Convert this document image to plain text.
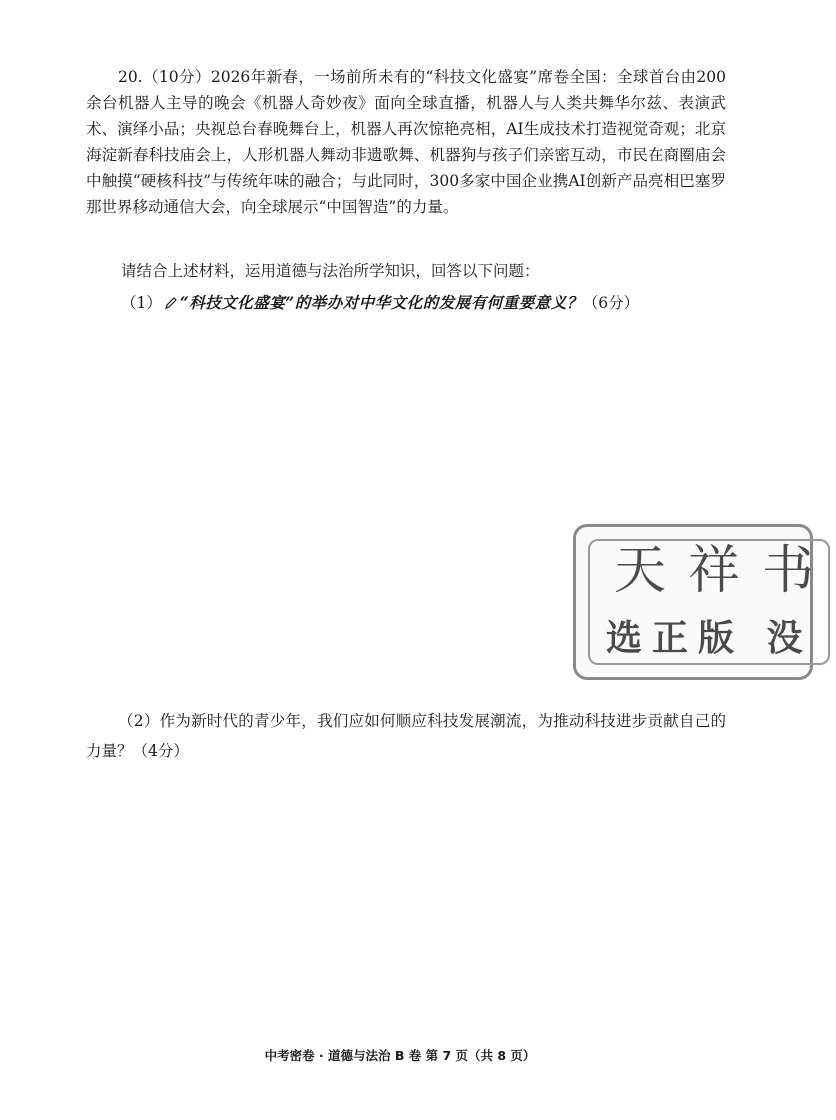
20.（10分）2026年新春，一场前所未有的“科技文化盛宴”席卷全国：全球首台由200余台机器人主导的晚会《机器人奇妙夜》面向全球直播，机器人与人类共舞华尔兹、表演武术、演绎小品；央视总台春晚舞台上，机器人再次惊艳亮相，AI生成技术打造视觉奇观；北京海淀新春科技庙会上，人形机器人舞动非遗歌舞、机器狗与孩子们亲密互动，市民在商圈庙会中触摸“硬核科技”与传统年味的融合；与此同时，300多家中国企业携AI创新产品亮相巴塞罗那世界移动通信大会，向全球展示“中国智造”的力量。

请结合上述材料，运用道德与法治所学知识，回答以下问题：

（1） “科技文化盛宴”的举办对中华文化的发展有何重要意义？（6分）

天祥书
选正版 没

（2）作为新时代的青少年，我们应如何顺应科技发展潮流，为推动科技进步贡献自己的力量？（4分）

中考密卷 · 道德与法治 B 卷 第 7 页（共 8 页）
